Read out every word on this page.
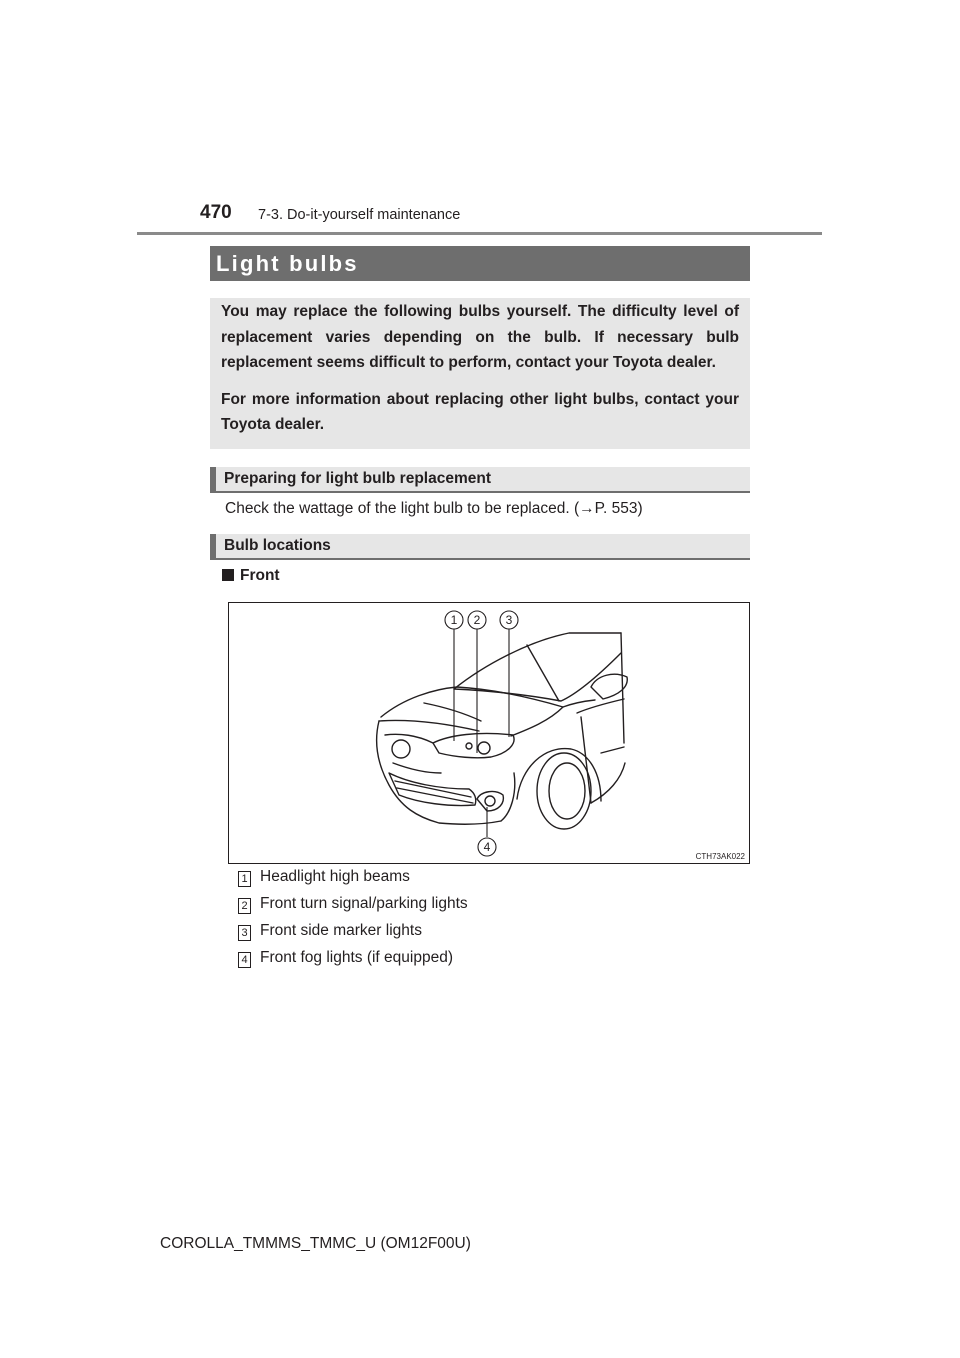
470 7-3. Do-it-yourself maintenance
Light bulbs

You may replace the following bulbs yourself. The difficulty level of replacement varies depending on the bulb. If necessary bulb replacement seems difficult to perform, contact your Toyota dealer.

For more information about replacing other light bulbs, contact your Toyota dealer.

Preparing for light bulb replacement
Check the wattage of the light bulb to be replaced. (→P. 553)
Bulb locations
Front
1 2 3
4
CTH73AK022
1 Headlight high beams
2 Front turn signal/parking lights
3 Front side marker lights
4 Front fog lights (if equipped)
COROLLA_TMMMS_TMMC_U (OM12F00U)
